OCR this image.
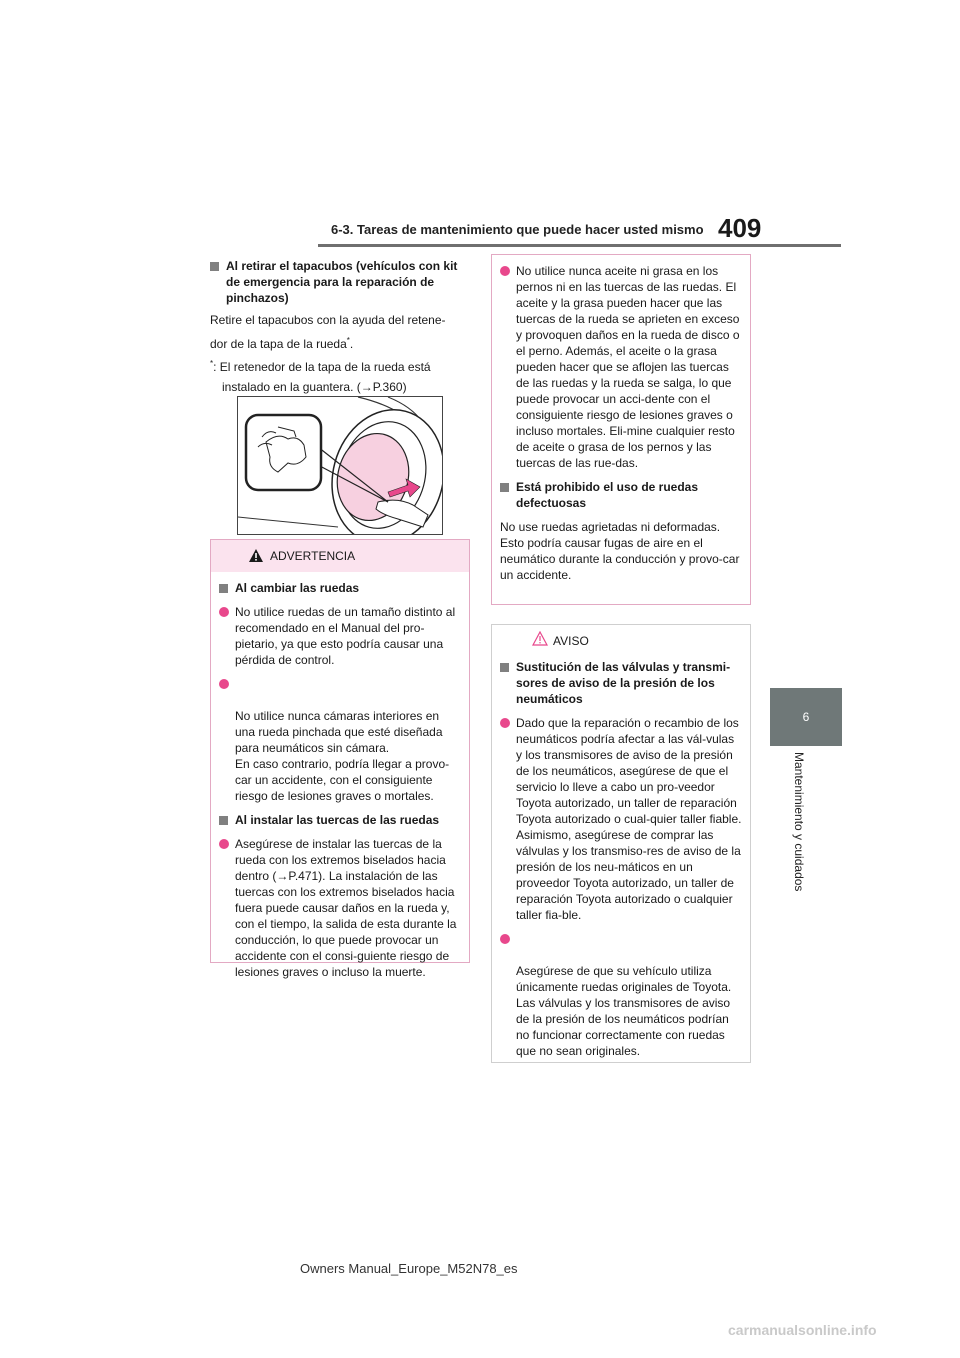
6-3. Tareas de mantenimiento que puede hacer usted mismo 409
6
Mantenimiento y cuidados
Al retirar el tapacubos (vehículos con kit de emergencia para la reparación de pinchazos)

Retire el tapacubos con la ayuda del retene-

dor de la tapa de la rueda*.

*: El retenedor de la tapa de la rueda está

instalado en la guantera. (→P.360)

ADVERTENCIA
Al cambiar las ruedas
No utilice ruedas de un tamaño distinto al recomendado en el Manual del pro-pietario, ya que esto podría causar una pérdida de control.

No utilice nunca cámaras interiores en una rueda pinchada que esté diseñada para neumáticos sin cámara.
En caso contrario, podría llegar a provo-car un accidente, con el consiguiente riesgo de lesiones graves o mortales.

Al instalar las tuercas de las ruedas
Asegúrese de instalar las tuercas de la rueda con los extremos biselados hacia dentro (→P.471). La instalación de las tuercas con los extremos biselados hacia fuera puede causar daños en la rueda y, con el tiempo, la salida de esta durante la conducción, lo que puede provocar un accidente con el consi-guiente riesgo de lesiones graves o incluso la muerte.
No utilice nunca aceite ni grasa en los pernos ni en las tuercas de las ruedas. El aceite y la grasa pueden hacer que las tuercas de la rueda se aprieten en exceso y provoquen daños en la rueda de disco o el perno. Además, el aceite o la grasa pueden hacer que se aflojen las tuercas de las ruedas y la rueda se salga, lo que puede provocar un acci-dente con el consiguiente riesgo de lesiones graves o incluso mortales. Eli-mine cualquier resto de aceite o grasa de los pernos y las tuercas de las rue-das.
Está prohibido el uso de ruedas defectuosas

No use ruedas agrietadas ni deformadas. Esto podría causar fugas de aire en el neumático durante la conducción y provo-car un accidente.

AVISO
Sustitución de las válvulas y transmi-sores de aviso de la presión de los neumáticos
Dado que la reparación o recambio de los neumáticos podría afectar a las vál-vulas y los transmisores de aviso de la presión de los neumáticos, asegúrese de que el servicio lo lleve a cabo un pro-veedor Toyota autorizado, un taller de reparación Toyota autorizado o cual-quier taller fiable. Asimismo, asegúrese de comprar las válvulas y los transmiso-res de aviso de la presión de los neu-máticos en un proveedor Toyota autorizado, un taller de reparación Toyota autorizado o cualquier taller fia-ble.

Asegúrese de que su vehículo utiliza únicamente ruedas originales de Toyota.
Las válvulas y los transmisores de aviso de la presión de los neumáticos podrían no funcionar correctamente con ruedas que no sean originales.

Owners Manual_Europe_M52N78_es
carmanualsonline.info
